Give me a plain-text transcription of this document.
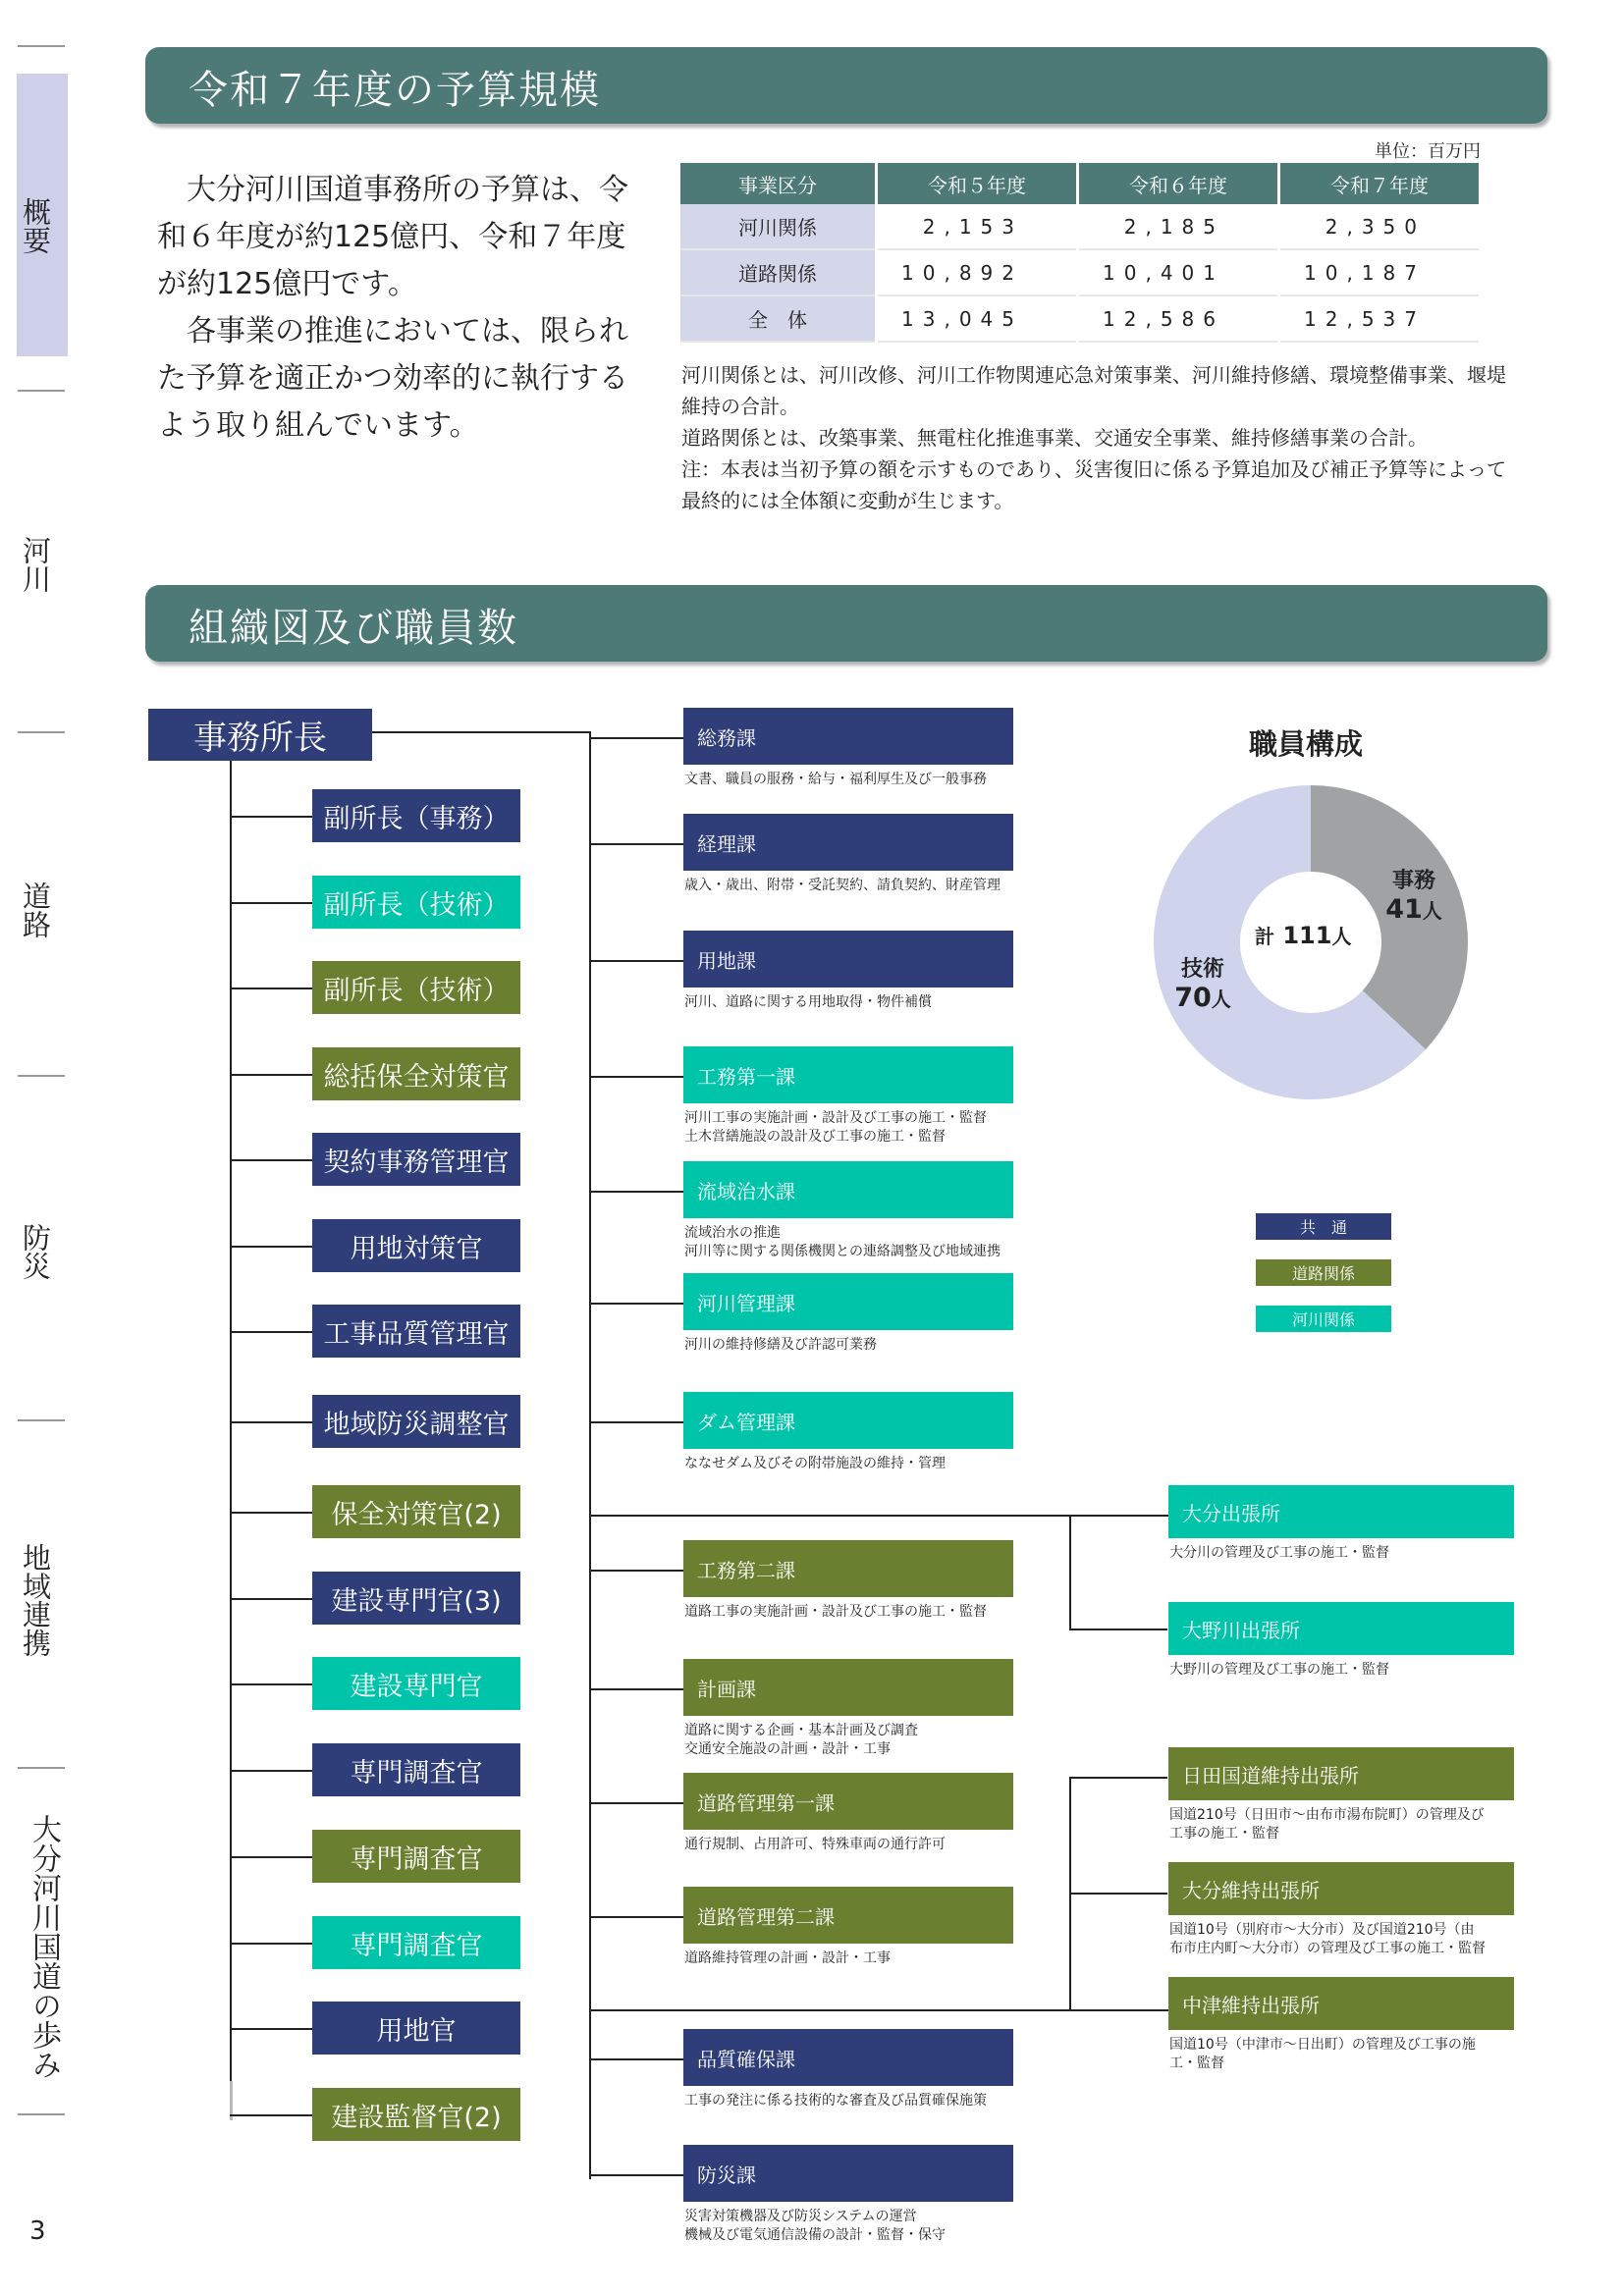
概要
河川
道路
防災
地域連携
大分河川国道の歩み
3
令和７年度の予算規模

大分河川国道事務所の予算は、令和６年度が約125億円、令和７年度が約125億円です。

各事業の推進においては、限られた予算を適正かつ効率的に執行するよう取り組んでいます。

単位：百万円
事業区分	令和５年度	令和６年度	令和７年度
河川関係	2,153	2,185	2,350
道路関係	10,892	10,401	10,187
全　体	13,045	12,586	12,537

河川関係とは、河川改修、河川工作物関連応急対策事業、河川維持修繕、環境整備事業、堰堤維持の合計。

道路関係とは、改築事業、無電柱化推進事業、交通安全事業、維持修繕事業の合計。

注：本表は当初予算の額を示すものであり、災害復旧に係る予算追加及び補正予算等によって最終的には全体額に変動が生じます。

組織図及び職員数
事務所長
副所長（事務）
副所長（技術）
副所長（技術）
総括保全対策官
契約事務管理官
用地対策官
工事品質管理官
地域防災調整官
保全対策官(2)
建設専門官(3)
建設専門官
専門調査官
専門調査官
専門調査官
用地官
建設監督官(2)
総務課
文書、職員の服務・給与・福利厚生及び一般事務
経理課
歳入・歳出、附帯・受託契約、請負契約、財産管理
用地課
河川、道路に関する用地取得・物件補償
工務第一課
河川工事の実施計画・設計及び工事の施工・監督
土木営繕施設の設計及び工事の施工・監督
流域治水課
流域治水の推進
河川等に関する関係機関との連絡調整及び地域連携
河川管理課
河川の維持修繕及び許認可業務
ダム管理課
ななせダム及びその附帯施設の維持・管理
工務第二課
道路工事の実施計画・設計及び工事の施工・監督
計画課
道路に関する企画・基本計画及び調査
交通安全施設の計画・設計・工事
道路管理第一課
通行規制、占用許可、特殊車両の通行許可
道路管理第二課
道路維持管理の計画・設計・工事
品質確保課
工事の発注に係る技術的な審査及び品質確保施策
防災課
災害対策機器及び防災システムの運営
機械及び電気通信設備の設計・監督・保守
大分出張所
大分川の管理及び工事の施工・監督
大野川出張所
大野川の管理及び工事の施工・監督
日田国道維持出張所
国道210号（日田市〜由布市湯布院町）の管理及び
工事の施工・監督
大分維持出張所
国道10号（別府市〜大分市）及び国道210号（由
布市庄内町〜大分市）の管理及び工事の施工・監督
中津維持出張所
国道10号（中津市〜日出町）の管理及び工事の施
工・監督
職員構成
計 111人
事務
41人
技術
70人
共　通
道路関係
河川関係
